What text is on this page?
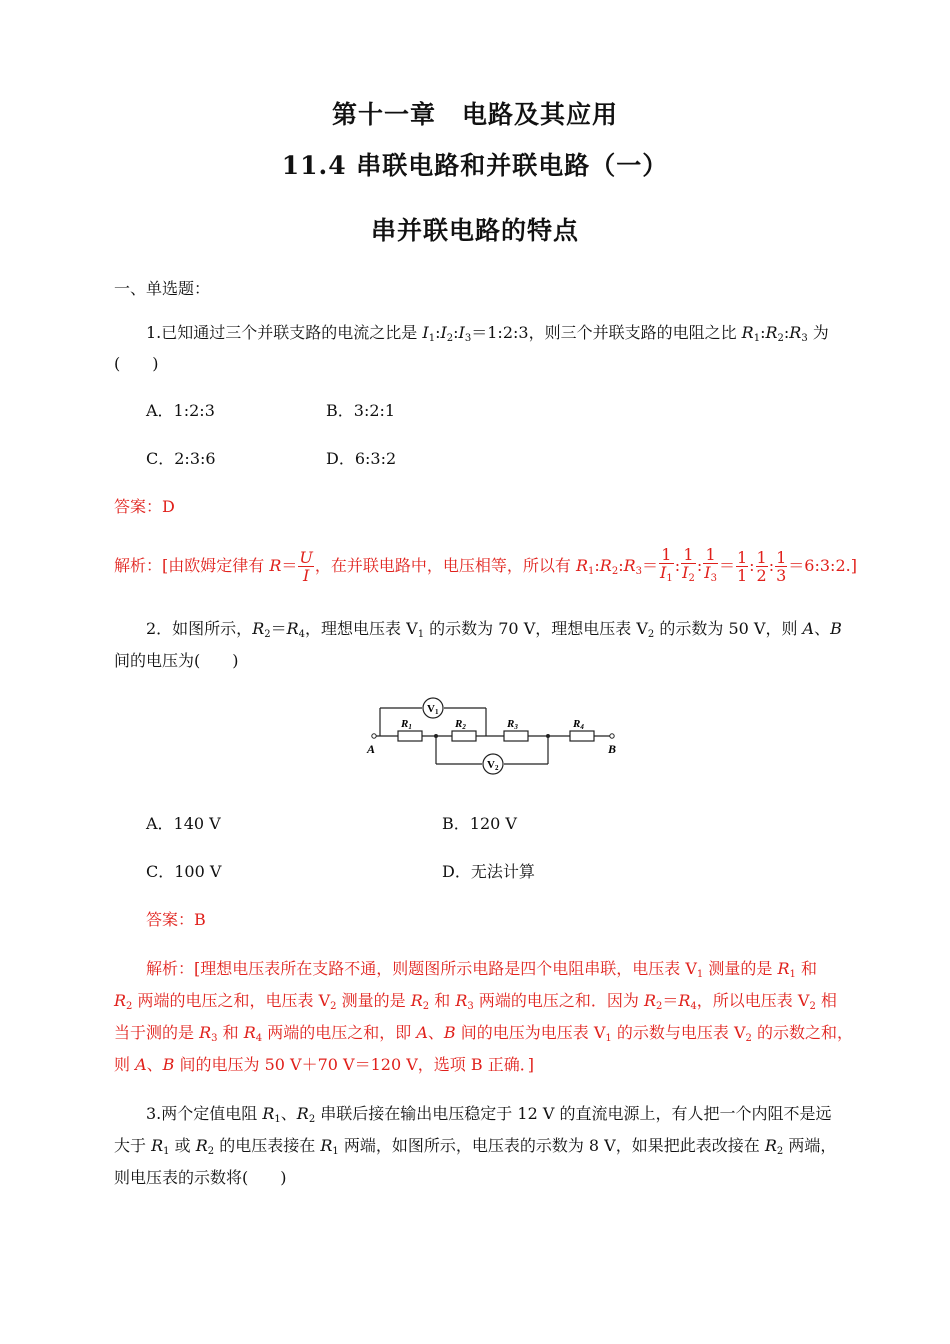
第十一章　电路及其应用
11.4 串联电路和并联电路（一）
串并联电路的特点
一、单选题：
1.已知通过三个并联支路的电流之比是 $I_1:I_2:I_3=1:2:3$，则三个并联支路的电阻之比 $R_1:R_2:R_3$ 为
(　　)
A．1:2:3	B．3:2:1
C．2:3:6	D．6:3:2
答案：D
解析：[由欧姆定律有 $R= \frac{U}{I}$ ，在并联电路中，电压相等，所以有 $R_1:R_2:R_3= \frac{1}{I_1}$ : $\frac{1}{I_2}$ : $\frac{1}{I_3} = \frac{1}{1}$ : $\frac{1}{2}$ : $\frac{1}{3}$ ＝6:3:2.]
2．如图所示，$R_2=R_4$，理想电压表 $V_1$ 的示数为 70 V，理想电压表 $V_2$ 的示数为 50 V，则 A、B
间的电压为(　　)
V1
R1	R2	R3	R4
V2
A	B
A．140 V	B．120 V
C．100 V	D．无法计算
答案：B
解析：[理想电压表所在支路不通，则题图所示电路是四个电阻串联，电压表 $V_1$ 测量的是 $R_1$ 和
$R_2$ 两端的电压之和，电压表 $V_2$ 测量的是 $R_2$ 和 $R_3$ 两端的电压之和．因为 $R_2=R_4$，所以电压表 $V_2$ 相
当于测的是 $R_3$ 和 $R_4$ 两端的电压之和，即 A、B 间的电压为电压表 $V_1$ 的示数与电压表 $V_2$ 的示数之和，
则 A、B 间的电压为 50 V＋70 V＝120 V，选项 B 正确．]
3.两个定值电阻 $R_1$、$R_2$ 串联后接在输出电压稳定于 12 V 的直流电源上，有人把一个内阻不是远
大于 $R_1$ 或 $R_2$ 的电压表接在 $R_1$ 两端，如图所示，电压表的示数为 8 V，如果把此表改接在 $R_2$ 两端，
则电压表的示数将(　　)
